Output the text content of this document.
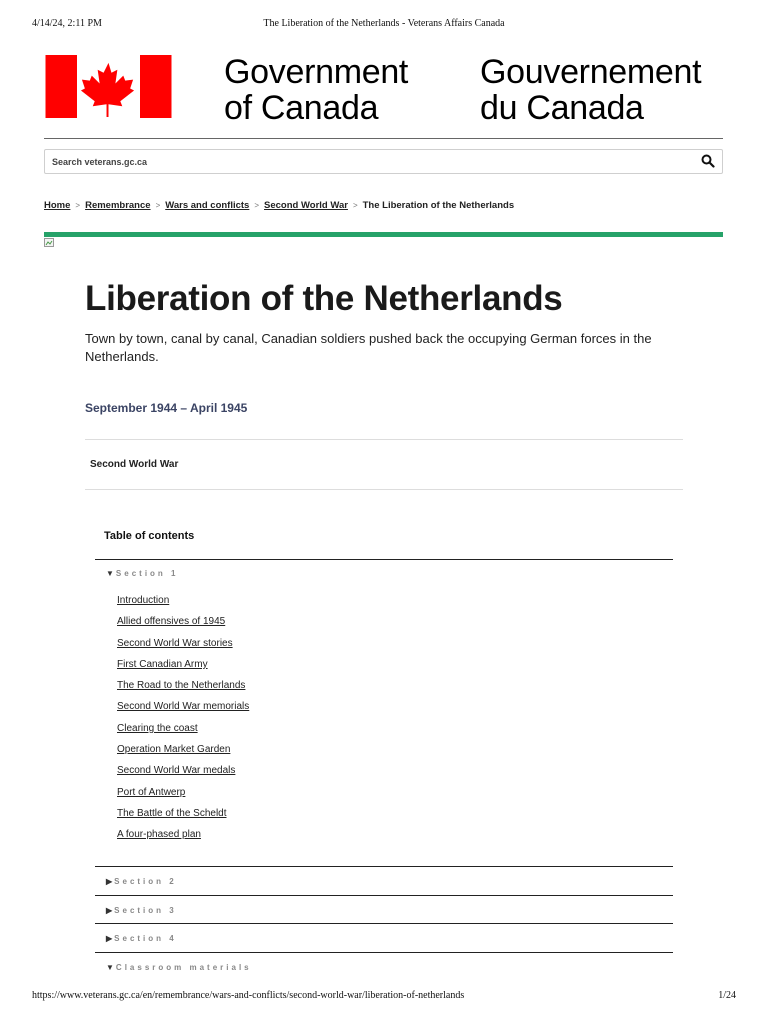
4/14/24, 2:11 PM	The Liberation of the Netherlands - Veterans Affairs Canada
Government
of Canada
Gouvernement
du Canada
Search veterans.gc.ca
Home > Remembrance > Wars and conflicts > Second World War > The Liberation of the Netherlands
Liberation of the Netherlands

Town by town, canal by canal, Canadian soldiers pushed back the occupying German forces in the Netherlands.

September 1944 – April 1945

Second World War
Table of contents
▼ Section 1
Introduction
Allied offensives of 1945
Second World War stories
First Canadian Army
The Road to the Netherlands
Second World War memorials
Clearing the coast
Operation Market Garden
Second World War medals
Port of Antwerp
The Battle of the Scheldt
A four-phased plan
▶ Section 2
▶ Section 3
▶ Section 4
▼ Classroom materials
https://www.veterans.gc.ca/en/remembrance/wars-and-conflicts/second-world-war/liberation-of-netherlands	1/24
